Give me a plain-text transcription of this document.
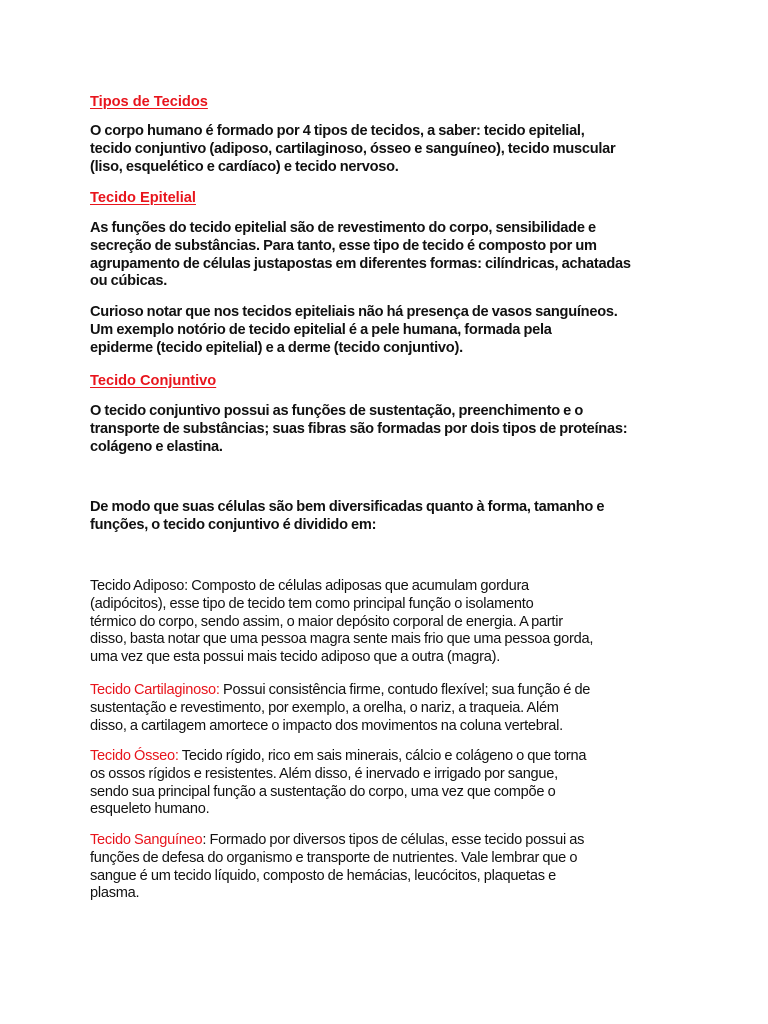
Tipos de Tecidos
O corpo humano é formado por 4 tipos de tecidos, a saber: tecido epitelial,
tecido conjuntivo (adiposo, cartilaginoso, ósseo e sanguíneo), tecido muscular
(liso, esquelético e cardíaco) e tecido nervoso.
Tecido Epitelial
As funções do tecido epitelial são de revestimento do corpo, sensibilidade e
secreção de substâncias. Para tanto, esse tipo de tecido é composto por um
agrupamento de células justapostas em diferentes formas: cilíndricas, achatadas
ou cúbicas.
Curioso notar que nos tecidos epiteliais não há presença de vasos sanguíneos.
Um exemplo notório de tecido epitelial é a pele humana, formada pela
epiderme (tecido epitelial) e a derme (tecido conjuntivo).
Tecido Conjuntivo
O tecido conjuntivo possui as funções de sustentação, preenchimento e o
transporte de substâncias; suas fibras são formadas por dois tipos de proteínas:
colágeno e elastina.
De modo que suas células são bem diversificadas quanto à forma, tamanho e
funções, o tecido conjuntivo é dividido em:
Tecido Adiposo: Composto de células adiposas que acumulam gordura
(adipócitos), esse tipo de tecido tem como principal função o isolamento
térmico do corpo, sendo assim, o maior depósito corporal de energia. A partir
disso, basta notar que uma pessoa magra sente mais frio que uma pessoa gorda,
uma vez que esta possui mais tecido adiposo que a outra (magra).
Tecido Cartilaginoso: Possui consistência firme, contudo flexível; sua função é de
sustentação e revestimento, por exemplo, a orelha, o nariz, a traqueia. Além
disso, a cartilagem amortece o impacto dos movimentos na coluna vertebral.
Tecido Ósseo: Tecido rígido, rico em sais minerais, cálcio e colágeno o que torna
os ossos rígidos e resistentes. Além disso, é inervado e irrigado por sangue,
sendo sua principal função a sustentação do corpo, uma vez que compõe o
esqueleto humano.
Tecido Sanguíneo: Formado por diversos tipos de células, esse tecido possui as
funções de defesa do organismo e transporte de nutrientes. Vale lembrar que o
sangue é um tecido líquido, composto de hemácias, leucócitos, plaquetas e
plasma.
